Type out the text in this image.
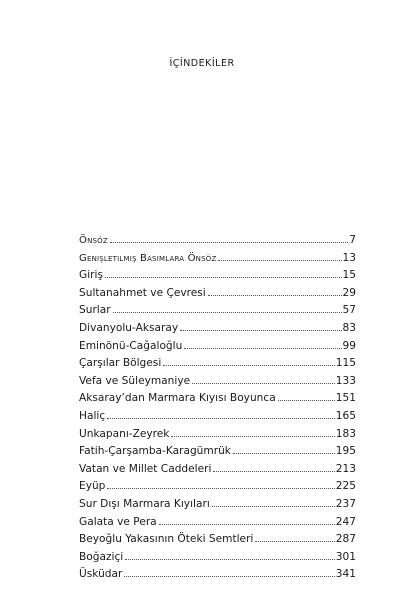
İÇİNDEKİLER
Önsöz	7
Genişletilmiş Basımlara Önsöz	13
Giriş	15
Sultanahmet ve Çevresi	29
Surlar	57
Divanyolu-Aksaray	83
Eminönü-Cağaloğlu	99
Çarşılar Bölgesi	115
Vefa ve Süleymaniye	133
Aksaray’dan Marmara Kıyısı Boyunca	151
Haliç	165
Unkapanı-Zeyrek	183
Fatih-Çarşamba-Karagümrük	195
Vatan ve Millet Caddeleri	213
Eyüp	225
Sur Dışı Marmara Kıyıları	237
Galata ve Pera	247
Beyoğlu Yakasının Öteki Semtleri	287
Boğaziçi	301
Üsküdar	341
